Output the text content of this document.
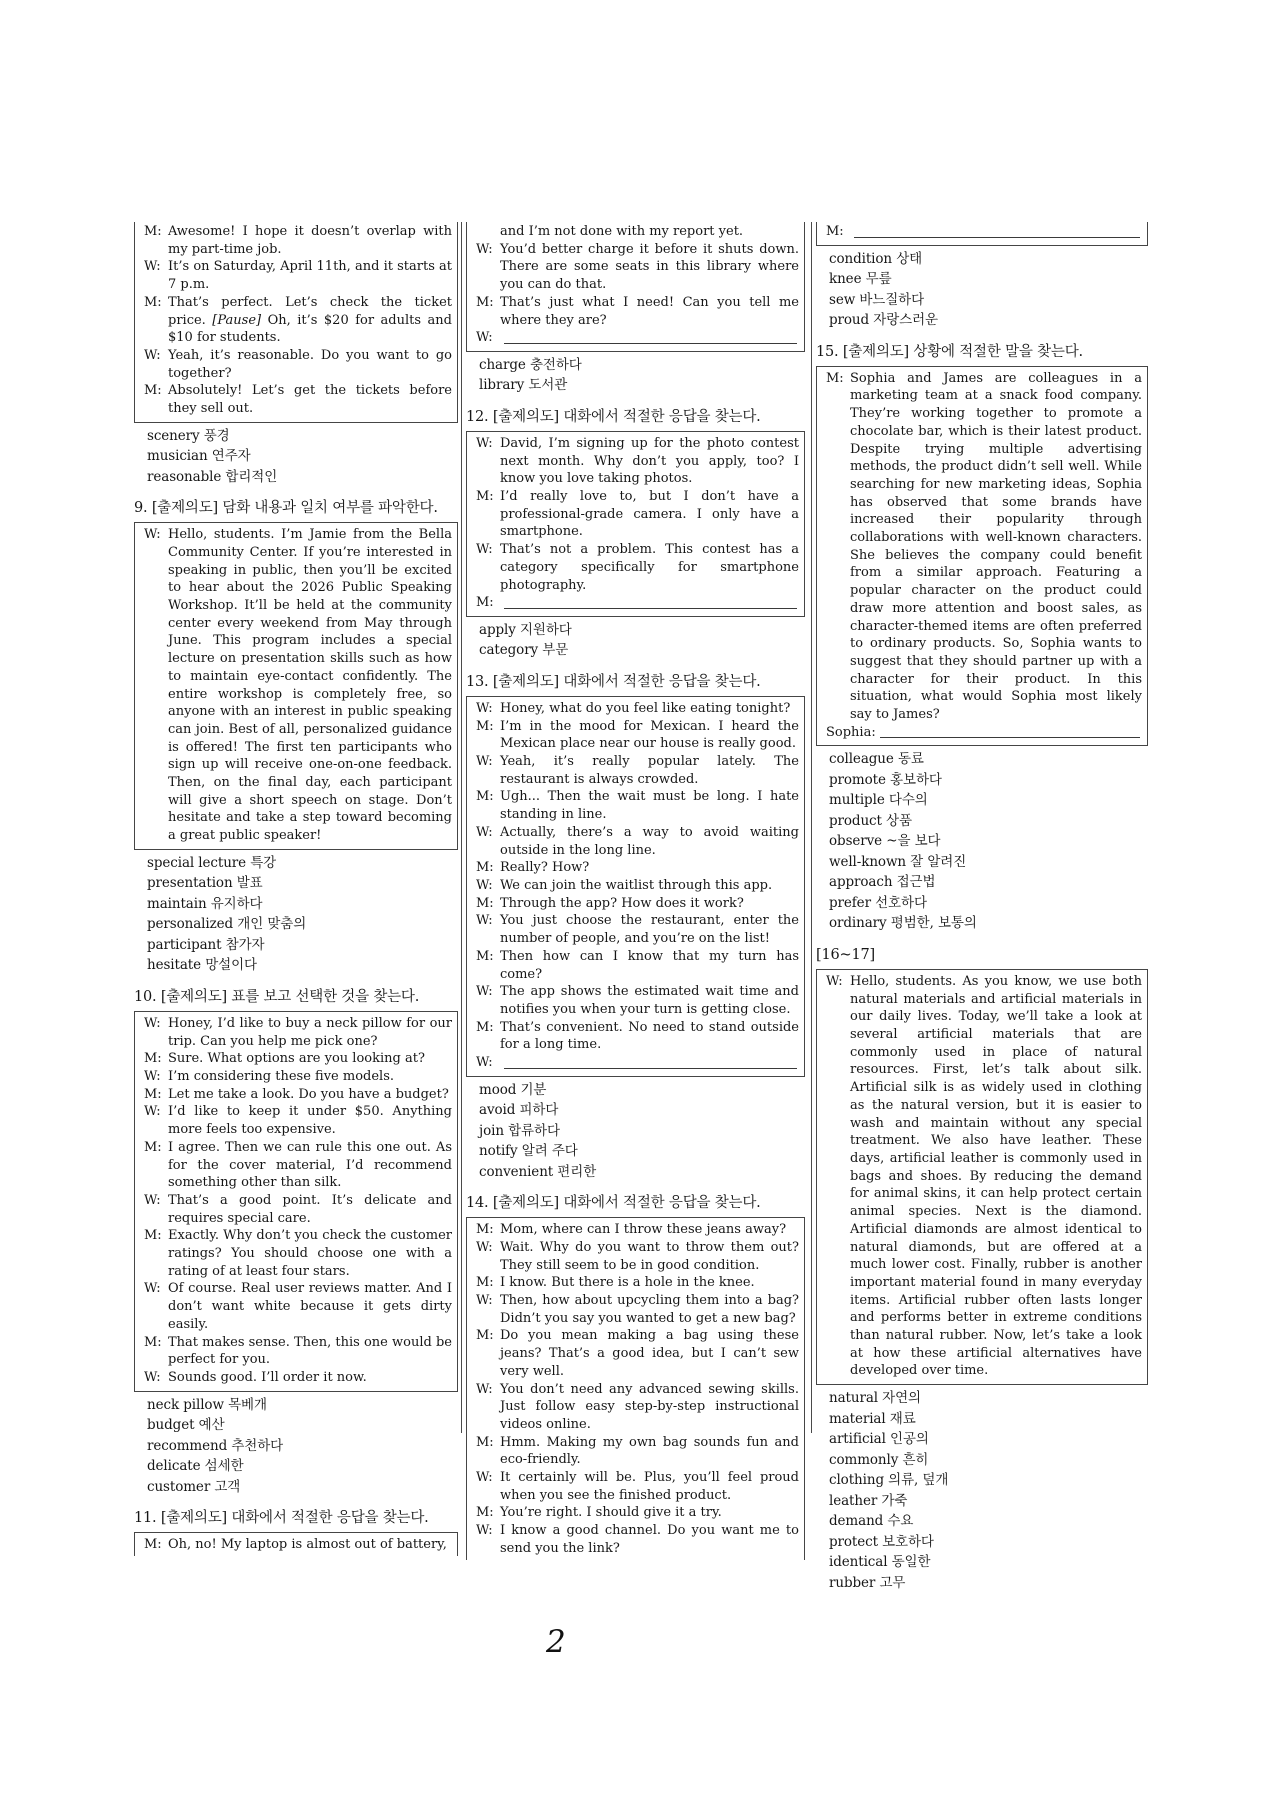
M: Awesome! I hope it doesn’t overlap with my part-time job.
W: It’s on Saturday, April 11th, and it starts at 7 p.m.
M: That’s perfect. Let’s check the ticket price. [Pause] Oh, it’s $20 for adults and $10 for students.
W: Yeah, it’s reasonable. Do you want to go together?
M: Absolutely! Let’s get the tickets before they sell out.
scenery 풍경
musician 연주자
reasonable 합리적인
9. [출제의도] 담화 내용과 일치 여부를 파악한다.
W: Hello, students. I’m Jamie from the Bella Community Center. If you’re interested in speaking in public, then you’ll be excited to hear about the 2026 Public Speaking Workshop. It’ll be held at the community center every weekend from May through June. This program includes a special lecture on presentation skills such as how to maintain eye-contact confidently. The entire workshop is completely free, so anyone with an interest in public speaking can join. Best of all, personalized guidance is offered! The first ten participants who sign up will receive one-on-one feedback. Then, on the final day, each participant will give a short speech on stage. Don’t hesitate and take a step toward becoming a great public speaker!
special lecture 특강
presentation 발표
maintain 유지하다
personalized 개인 맞춤의
participant 참가자
hesitate 망설이다
10. [출제의도] 표를 보고 선택한 것을 찾는다.
W: Honey, I’d like to buy a neck pillow for our trip. Can you help me pick one?
M: Sure. What options are you looking at?
W: I’m considering these five models.
M: Let me take a look. Do you have a budget?
W: I’d like to keep it under $50. Anything more feels too expensive.
M: I agree. Then we can rule this one out. As for the cover material, I’d recommend something other than silk.
W: That’s a good point. It’s delicate and requires special care.
M: Exactly. Why don’t you check the customer ratings? You should choose one with a rating of at least four stars.
W: Of course. Real user reviews matter. And I don’t want white because it gets dirty easily.
M: That makes sense. Then, this one would be perfect for you.
W: Sounds good. I’ll order it now.
neck pillow 목베개
budget 예산
recommend 추천하다
delicate 섬세한
customer 고객
11. [출제의도] 대화에서 적절한 응답을 찾는다.
M: Oh, no! My laptop is almost out of battery,
and I’m not done with my report yet.
W: You’d better charge it before it shuts down. There are some seats in this library where you can do that.
M: That’s just what I need! Can you tell me where they are?
W:
charge 충전하다
library 도서관
12. [출제의도] 대화에서 적절한 응답을 찾는다.
W: David, I’m signing up for the photo contest next month. Why don’t you apply, too? I know you love taking photos.
M: I’d really love to, but I don’t have a professional-grade camera. I only have a smartphone.
W: That’s not a problem. This contest has a category specifically for smartphone photography.
M:
apply 지원하다
category 부문
13. [출제의도] 대화에서 적절한 응답을 찾는다.
W: Honey, what do you feel like eating tonight?
M: I’m in the mood for Mexican. I heard the Mexican place near our house is really good.
W: Yeah, it’s really popular lately. The restaurant is always crowded.
M: Ugh... Then the wait must be long. I hate standing in line.
W: Actually, there’s a way to avoid waiting outside in the long line.
M: Really? How?
W: We can join the waitlist through this app.
M: Through the app? How does it work?
W: You just choose the restaurant, enter the number of people, and you’re on the list!
M: Then how can I know that my turn has come?
W: The app shows the estimated wait time and notifies you when your turn is getting close.
M: That’s convenient. No need to stand outside for a long time.
W:
mood 기분
avoid 피하다
join 합류하다
notify 알려 주다
convenient 편리한
14. [출제의도] 대화에서 적절한 응답을 찾는다.
M: Mom, where can I throw these jeans away?
W: Wait. Why do you want to throw them out? They still seem to be in good condition.
M: I know. But there is a hole in the knee.
W: Then, how about upcycling them into a bag? Didn’t you say you wanted to get a new bag?
M: Do you mean making a bag using these jeans? That’s a good idea, but I can’t sew very well.
W: You don’t need any advanced sewing skills. Just follow easy step-by-step instructional videos online.
M: Hmm. Making my own bag sounds fun and eco-friendly.
W: It certainly will be. Plus, you’ll feel proud when you see the finished product.
M: You’re right. I should give it a try.
W: I know a good channel. Do you want me to send you the link?
M:
condition 상태
knee 무릎
sew 바느질하다
proud 자랑스러운
15. [출제의도] 상황에 적절한 말을 찾는다.
M: Sophia and James are colleagues in a marketing team at a snack food company. They’re working together to promote a chocolate bar, which is their latest product. Despite trying multiple advertising methods, the product didn’t sell well. While searching for new marketing ideas, Sophia has observed that some brands have increased their popularity through collaborations with well-known characters. She believes the company could benefit from a similar approach. Featuring a popular character on the product could draw more attention and boost sales, as character-themed items are often preferred to ordinary products. So, Sophia wants to suggest that they should partner up with a character for their product. In this situation, what would Sophia most likely say to James?
Sophia:
colleague 동료
promote 홍보하다
multiple 다수의
product 상품
observe ~을 보다
well-known 잘 알려진
approach 접근법
prefer 선호하다
ordinary 평범한, 보통의
[16~17]
W: Hello, students. As you know, we use both natural materials and artificial materials in our daily lives. Today, we’ll take a look at several artificial materials that are commonly used in place of natural resources. First, let’s talk about silk. Artificial silk is as widely used in clothing as the natural version, but it is easier to wash and maintain without any special treatment. We also have leather. These days, artificial leather is commonly used in bags and shoes. By reducing the demand for animal skins, it can help protect certain animal species. Next is the diamond. Artificial diamonds are almost identical to natural diamonds, but are offered at a much lower cost. Finally, rubber is another important material found in many everyday items. Artificial rubber often lasts longer and performs better in extreme conditions than natural rubber. Now, let’s take a look at how these artificial alternatives have developed over time.
natural 자연의
material 재료
artificial 인공의
commonly 흔히
clothing 의류, 덮개
leather 가죽
demand 수요
protect 보호하다
identical 동일한
rubber 고무
2
